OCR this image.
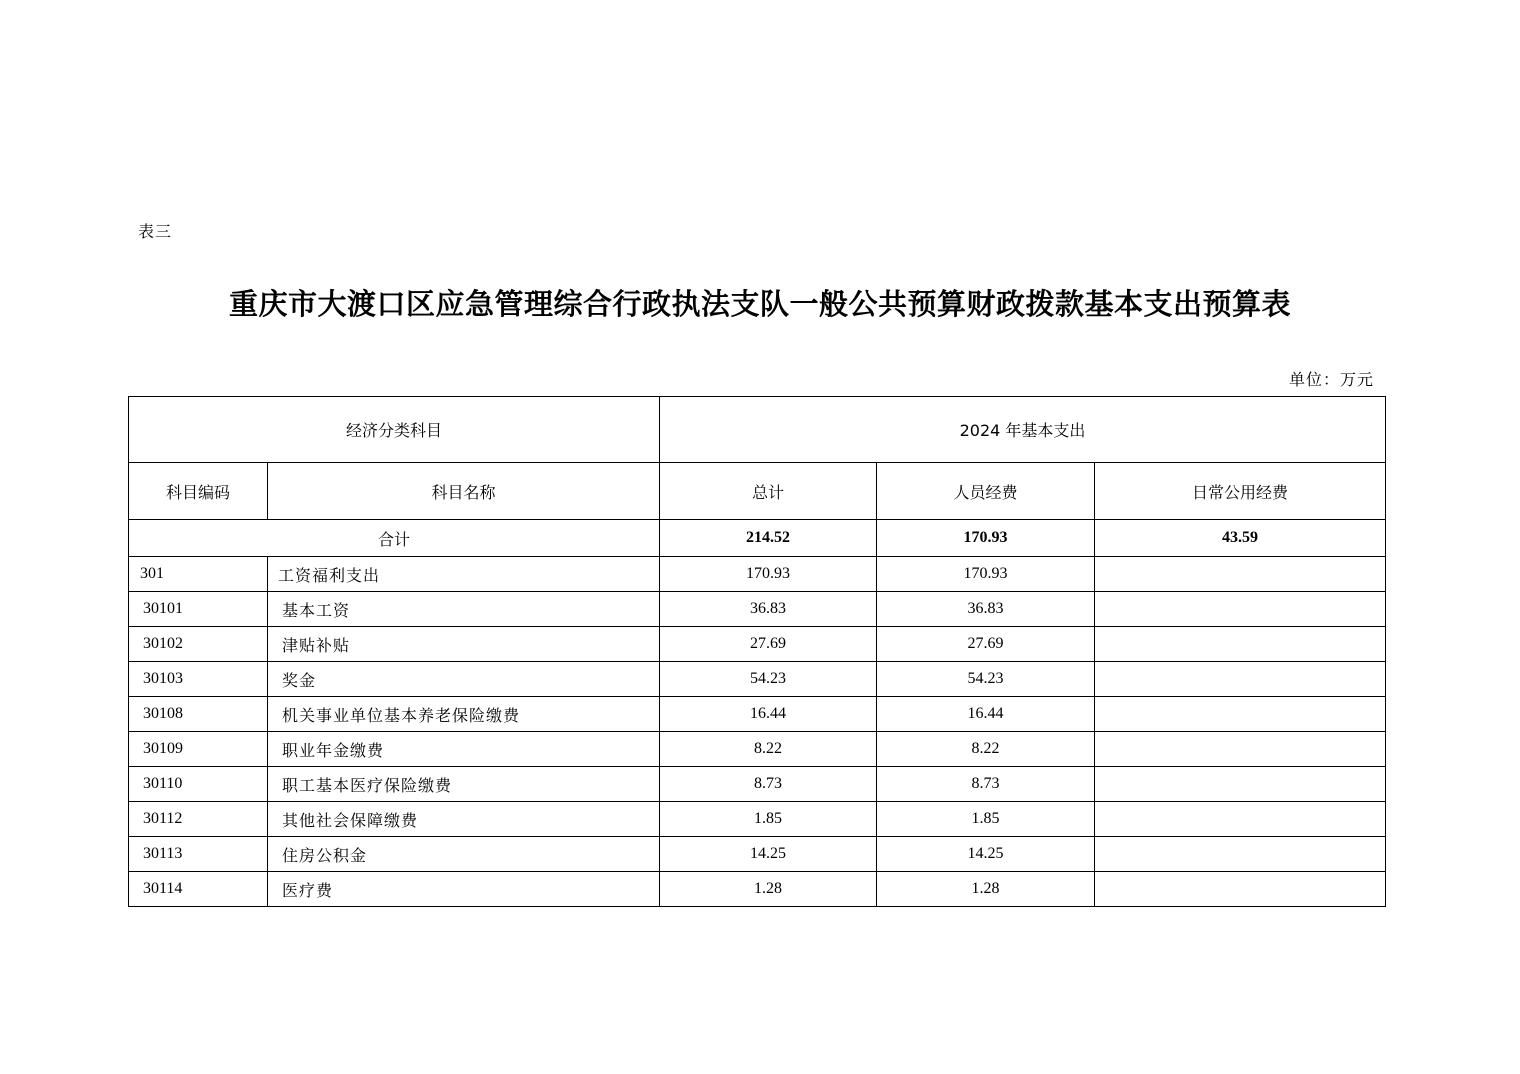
表三
重庆市大渡口区应急管理综合行政执法支队一般公共预算财政拨款基本支出预算表
单位：万元
经济分类科目		2024 年基本支出		
科目编码	科目名称	总计	人员经费	日常公用经费
合计		214.52	170.93	43.59
301	工资福利支出	170.93	170.93	
30101	基本工资	36.83	36.83	
30102	津贴补贴	27.69	27.69	
30103	奖金	54.23	54.23	
30108	机关事业单位基本养老保险缴费	16.44	16.44	
30109	职业年金缴费	8.22	8.22	
30110	职工基本医疗保险缴费	8.73	8.73	
30112	其他社会保障缴费	1.85	1.85	
30113	住房公积金	14.25	14.25	
30114	医疗费	1.28	1.28	
